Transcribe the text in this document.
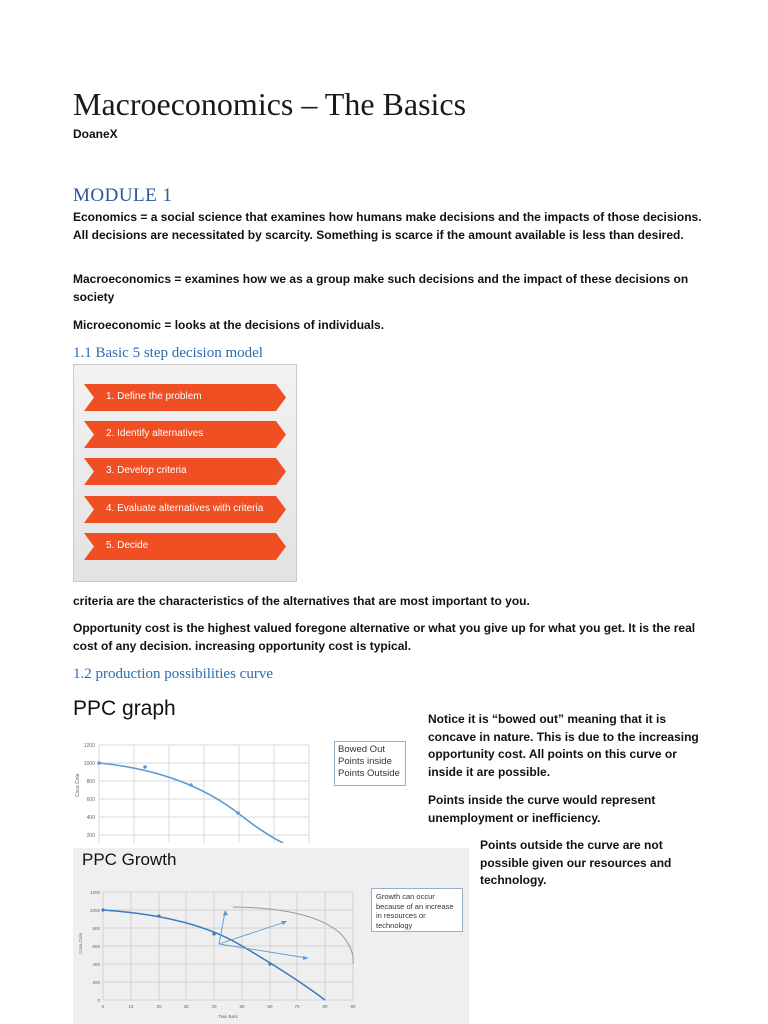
Macroeconomics – The Basics
DoaneX
MODULE 1
Economics = a social science that examines how humans make decisions and the impacts of those decisions. All decisions are necessitated by scarcity. Something is scarce if the amount available is less than desired.
Macroeconomics = examines how we as a group make such decisions and the impact of these decisions on society
Microeconomic = looks at the decisions of individuals.
1.1 Basic 5 step decision model
1. Define the problem
2. Identify alternatives
3. Develop criteria
4. Evaluate alternatives with criteria
5. Decide
criteria are the characteristics of the alternatives that are most important to you.
Opportunity cost is the highest valued foregone alternative or what you give up for what you get. It is the real cost of any decision. increasing opportunity cost is typical.
1.2 production possibilities curve
PPC graph
1200
1000
800
600
400
200
Coca Cola
Bowed Out
Points inside
Points Outside
PPC Growth
1200
1000
800
600
400
200
0
0	10	20	30	40	50	60	70	80	90
Coca Cola
Twix Bars
Growth can occur because of an increase in resources or technology
Notice it is “bowed out” meaning that it is concave in nature. This is due to the increasing opportunity cost. All points on this curve or inside it are possible.
Points inside the curve would represent unemployment or inefficiency.
Points outside the curve are not possible given our resources and technology.
